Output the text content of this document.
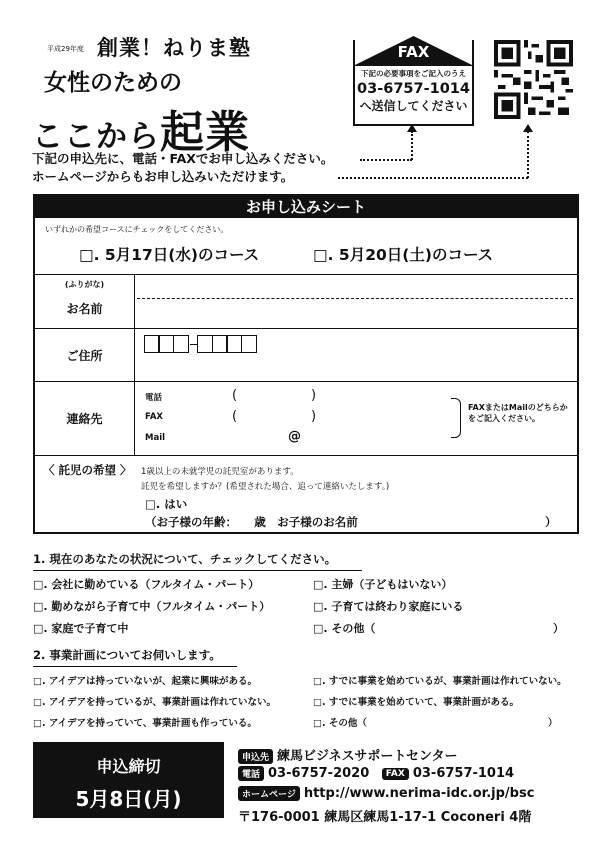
平成29年度 創業！ねりま塾
女性のための
ここから起業
下記の申込先に、電話・FAXでお申し込みください。
ホームページからもお申し込みいただけます。
FAX
下記の必要事項をご記入のうえ
03-6757-1014
へ送信してください
お申し込みシート
いずれかの希望コースにチェックをしてください。
□. 5月17日(水)のコース	□. 5月20日(土)のコース
(ふりがな)
お名前
ご住所
連絡先
電話	(	)
FAX	(	)
Mail	@
FAXまたはMailのどちらかをご記入ください。
〈 託児の希望 〉 1歳以上の未就学児の託児室があります。
託児を希望しますか？(希望された場合、追って連絡いたします。)
□. はい
（お子様の年齢：　　歳　お子様のお名前	）
1. 現在のあなたの状況について、チェックしてください。
□. 会社に勤めている（フルタイム・パート）	□. 主婦（子どもはいない）
□. 勤めながら子育て中（フルタイム・パート）	□. 子育ては終わり家庭にいる
□. 家庭で子育て中	□. その他（	）
2. 事業計画についてお伺いします。
□. アイデアは持っていないが、起業に興味がある。	□. すでに事業を始めているが、事業計画は作れていない。
□. アイデアを持っているが、事業計画は作れていない。	□. すでに事業を始めていて、事業計画がある。
□. アイデアを持っていて、事業計画も作っている。	□. その他（	）
申込締切
5月8日(月)
申込先 練馬ビジネスサポートセンター
電話 03-6757-2020 FAX 03-6757-1014
ホームページ http://www.nerima-idc.or.jp/bsc
〒176-0001 練馬区練馬1-17-1 Coconeri 4階
